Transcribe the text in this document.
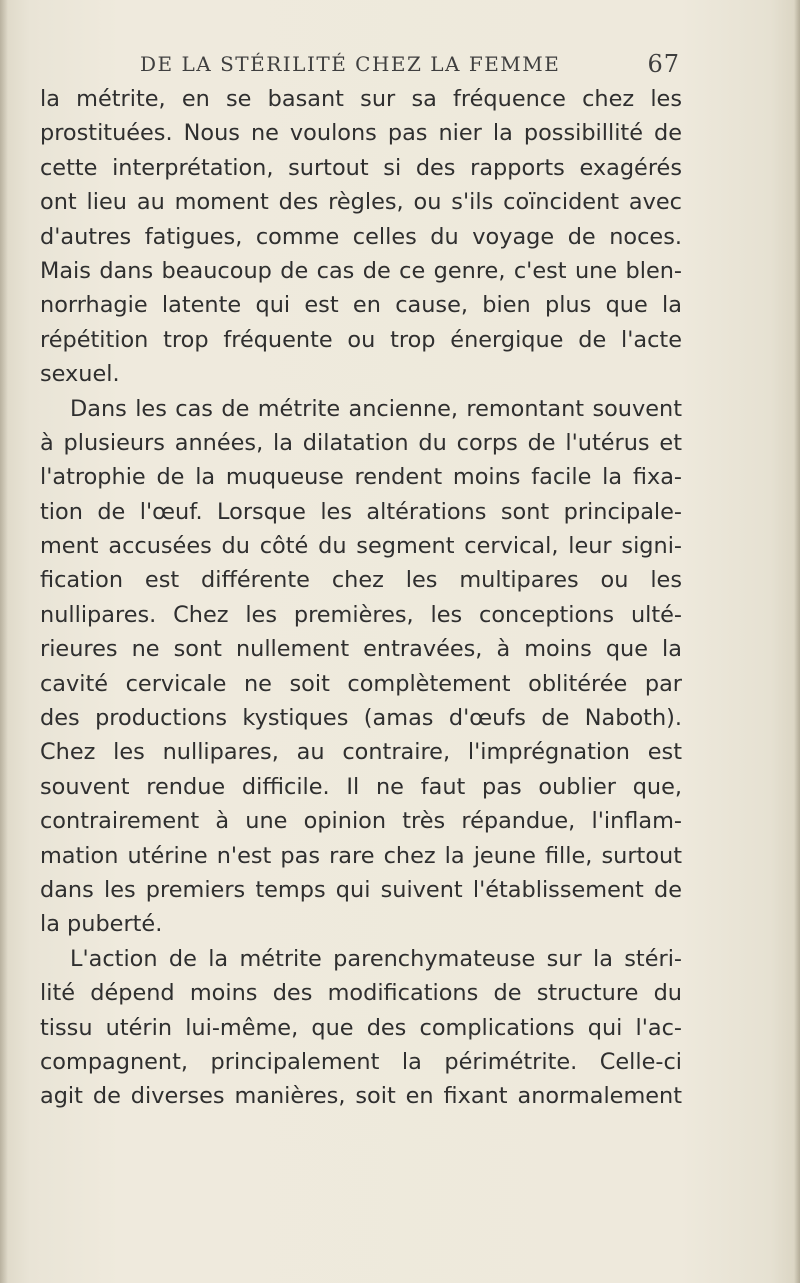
DE LA STÉRILITÉ CHEZ LA FEMME	67
la métrite, en se basant sur sa fréquence chez les
prostituées. Nous ne voulons pas nier la possibillité de
cette interprétation, surtout si des rapports exagérés
ont lieu au moment des règles, ou s'ils coïncident avec
d'autres fatigues, comme celles du voyage de noces.
Mais dans beaucoup de cas de ce genre, c'est une blen-
norrhagie latente qui est en cause, bien plus que la
répétition trop fréquente ou trop énergique de l'acte
sexuel.
Dans les cas de métrite ancienne, remontant souvent
à plusieurs années, la dilatation du corps de l'utérus et
l'atrophie de la muqueuse rendent moins facile la fixa-
tion de l'œuf. Lorsque les altérations sont principale-
ment accusées du côté du segment cervical, leur signi-
fication est différente chez les multipares ou les
nullipares. Chez les premières, les conceptions ulté-
rieures ne sont nullement entravées, à moins que la
cavité cervicale ne soit complètement oblitérée par
des productions kystiques (amas d'œufs de Naboth).
Chez les nullipares, au contraire, l'imprégnation est
souvent rendue difficile. Il ne faut pas oublier que,
contrairement à une opinion très répandue, l'inflam-
mation utérine n'est pas rare chez la jeune fille, surtout
dans les premiers temps qui suivent l'établissement de
la puberté.
L'action de la métrite parenchymateuse sur la stéri-
lité dépend moins des modifications de structure du
tissu utérin lui-même, que des complications qui l'ac-
compagnent, principalement la périmétrite. Celle-ci
agit de diverses manières, soit en fixant anormalement
